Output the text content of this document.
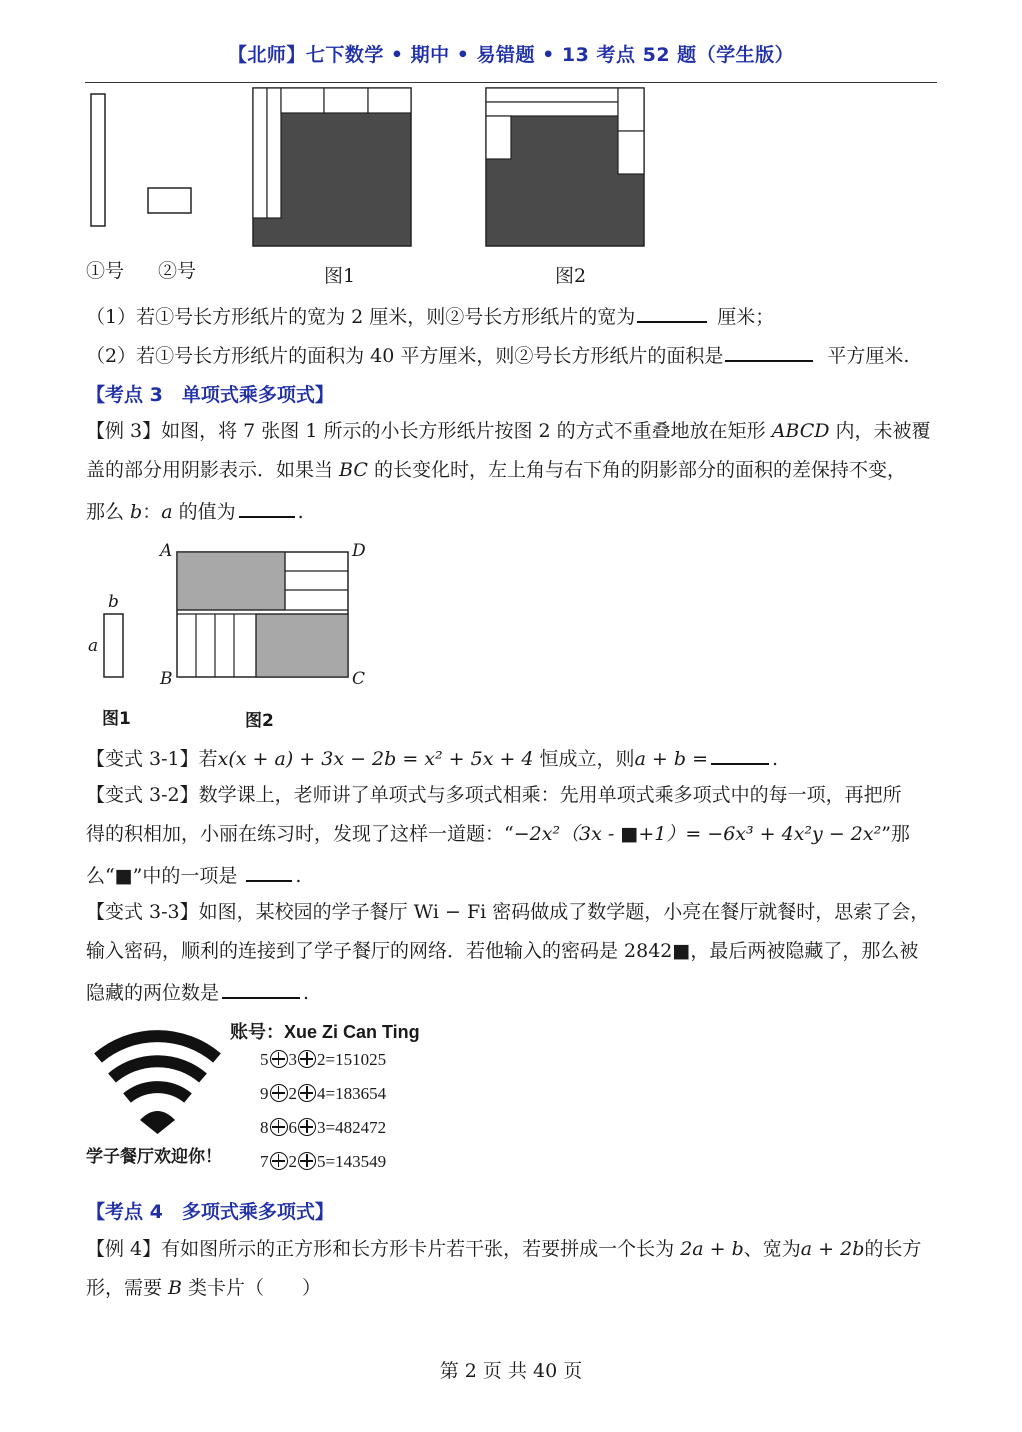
【北师】七下数学 • 期中 • 易错题 • 13 考点 52 题（学生版）
①号 ②号	图1	图2
（1）若①号长方形纸片的宽为 2 厘米，则②号长方形纸片的宽为	厘米；
（2）若①号长方形纸片的面积为 40 平方厘米，则②号长方形纸片的面积是	平方厘米.
【考点 3　单项式乘多项式】
【例 3】如图，将 7 张图 1 所示的小长方形纸片按图 2 的方式不重叠地放在矩形 ABCD 内，未被覆
盖的部分用阴影表示．如果当 BC 的长变化时，左上角与右下角的阴影部分的面积的差保持不变，
那么 b：a 的值为	.
b
a
A	D
B	C
图1	图2
【变式 3-1】若x(x + a) + 3x − 2b = x² + 5x + 4 恒成立，则a + b =	.
【变式 3-2】数学课上，老师讲了单项式与多项式相乘：先用单项式乘多项式中的每一项，再把所
得的积相加，小丽在练习时，发现了这样一道题：“−2x²（3x - ■+1）= −6x³ + 4x²y − 2x²”那
么“■”中的一项是	.
【变式 3-3】如图，某校园的学子餐厅 Wi − Fi 密码做成了数学题，小亮在餐厅就餐时，思索了会，
输入密码，顺利的连接到了学子餐厅的网络．若他输入的密码是 2842■，最后两被隐藏了，那么被
隐藏的两位数是	.
账号：Xue Zi Can Ting
学子餐厅欢迎你！
5 3 2=151025
9 2 4=183654
8 6 3=482472
7 2 5=143549
【考点 4　多项式乘多项式】
【例 4】有如图所示的正方形和长方形卡片若干张，若要拼成一个长为 2a + b、宽为a + 2b的长方
形，需要 B 类卡片（　　）
第 2 页 共 40 页
